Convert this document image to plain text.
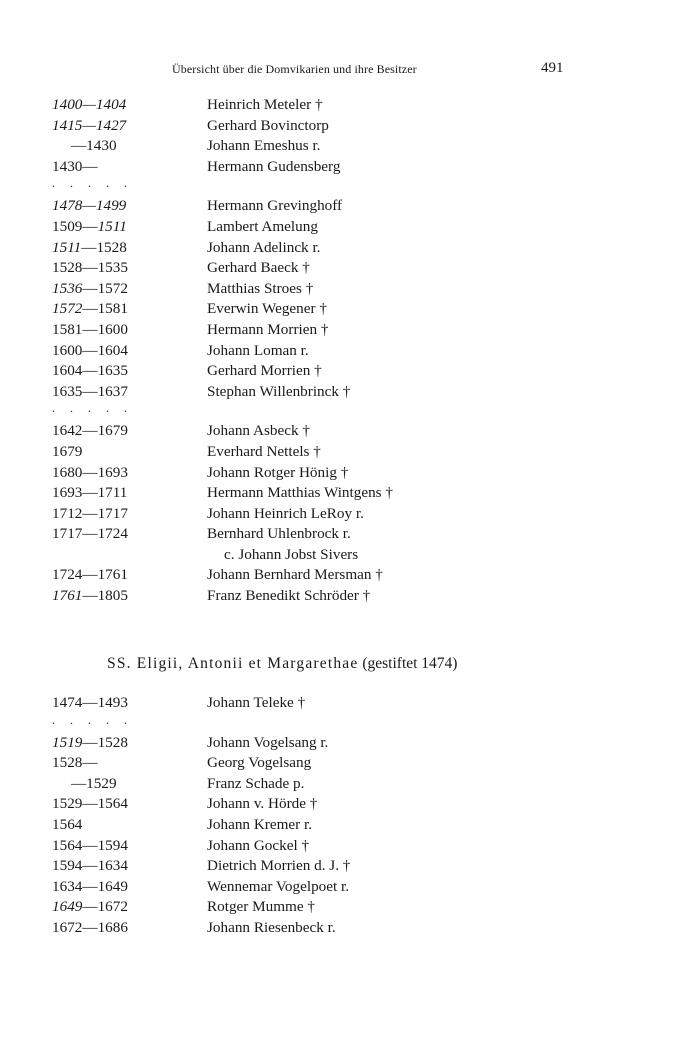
Übersicht über die Domvikarien und ihre Besitzer	491
1400—1404	Heinrich Meteler †
1415—1427	Gerhard Bovinctorp
—1430	Johann Emeshus r.
1430—	Hermann Gudensberg
. . . . .
1478—1499	Hermann Grevinghoff
1509—1511	Lambert Amelung
1511—1528	Johann Adelinck r.
1528—1535	Gerhard Baeck †
1536—1572	Matthias Stroes †
1572—1581	Everwin Wegener †
1581—1600	Hermann Morrien †
1600—1604	Johann Loman r.
1604—1635	Gerhard Morrien †
1635—1637	Stephan Willenbrinck †
. . . . .
1642—1679	Johann Asbeck †
1679	Everhard Nettels †
1680—1693	Johann Rotger Hönig †
1693—1711	Hermann Matthias Wintgens †
1712—1717	Johann Heinrich LeRoy r.
1717—1724	Bernhard Uhlenbrock r.
c. Johann Jobst Sivers
1724—1761	Johann Bernhard Mersman †
1761—1805	Franz Benedikt Schröder †
SS. Eligii, Antonii et Margarethae (gestiftet 1474)
1474—1493	Johann Teleke †
. . . . .
1519—1528	Johann Vogelsang r.
1528—	Georg Vogelsang
—1529	Franz Schade p.
1529—1564	Johann v. Hörde †
1564	Johann Kremer r.
1564—1594	Johann Gockel †
1594—1634	Dietrich Morrien d. J. †
1634—1649	Wennemar Vogelpoet r.
1649—1672	Rotger Mumme †
1672—1686	Johann Riesenbeck r.
